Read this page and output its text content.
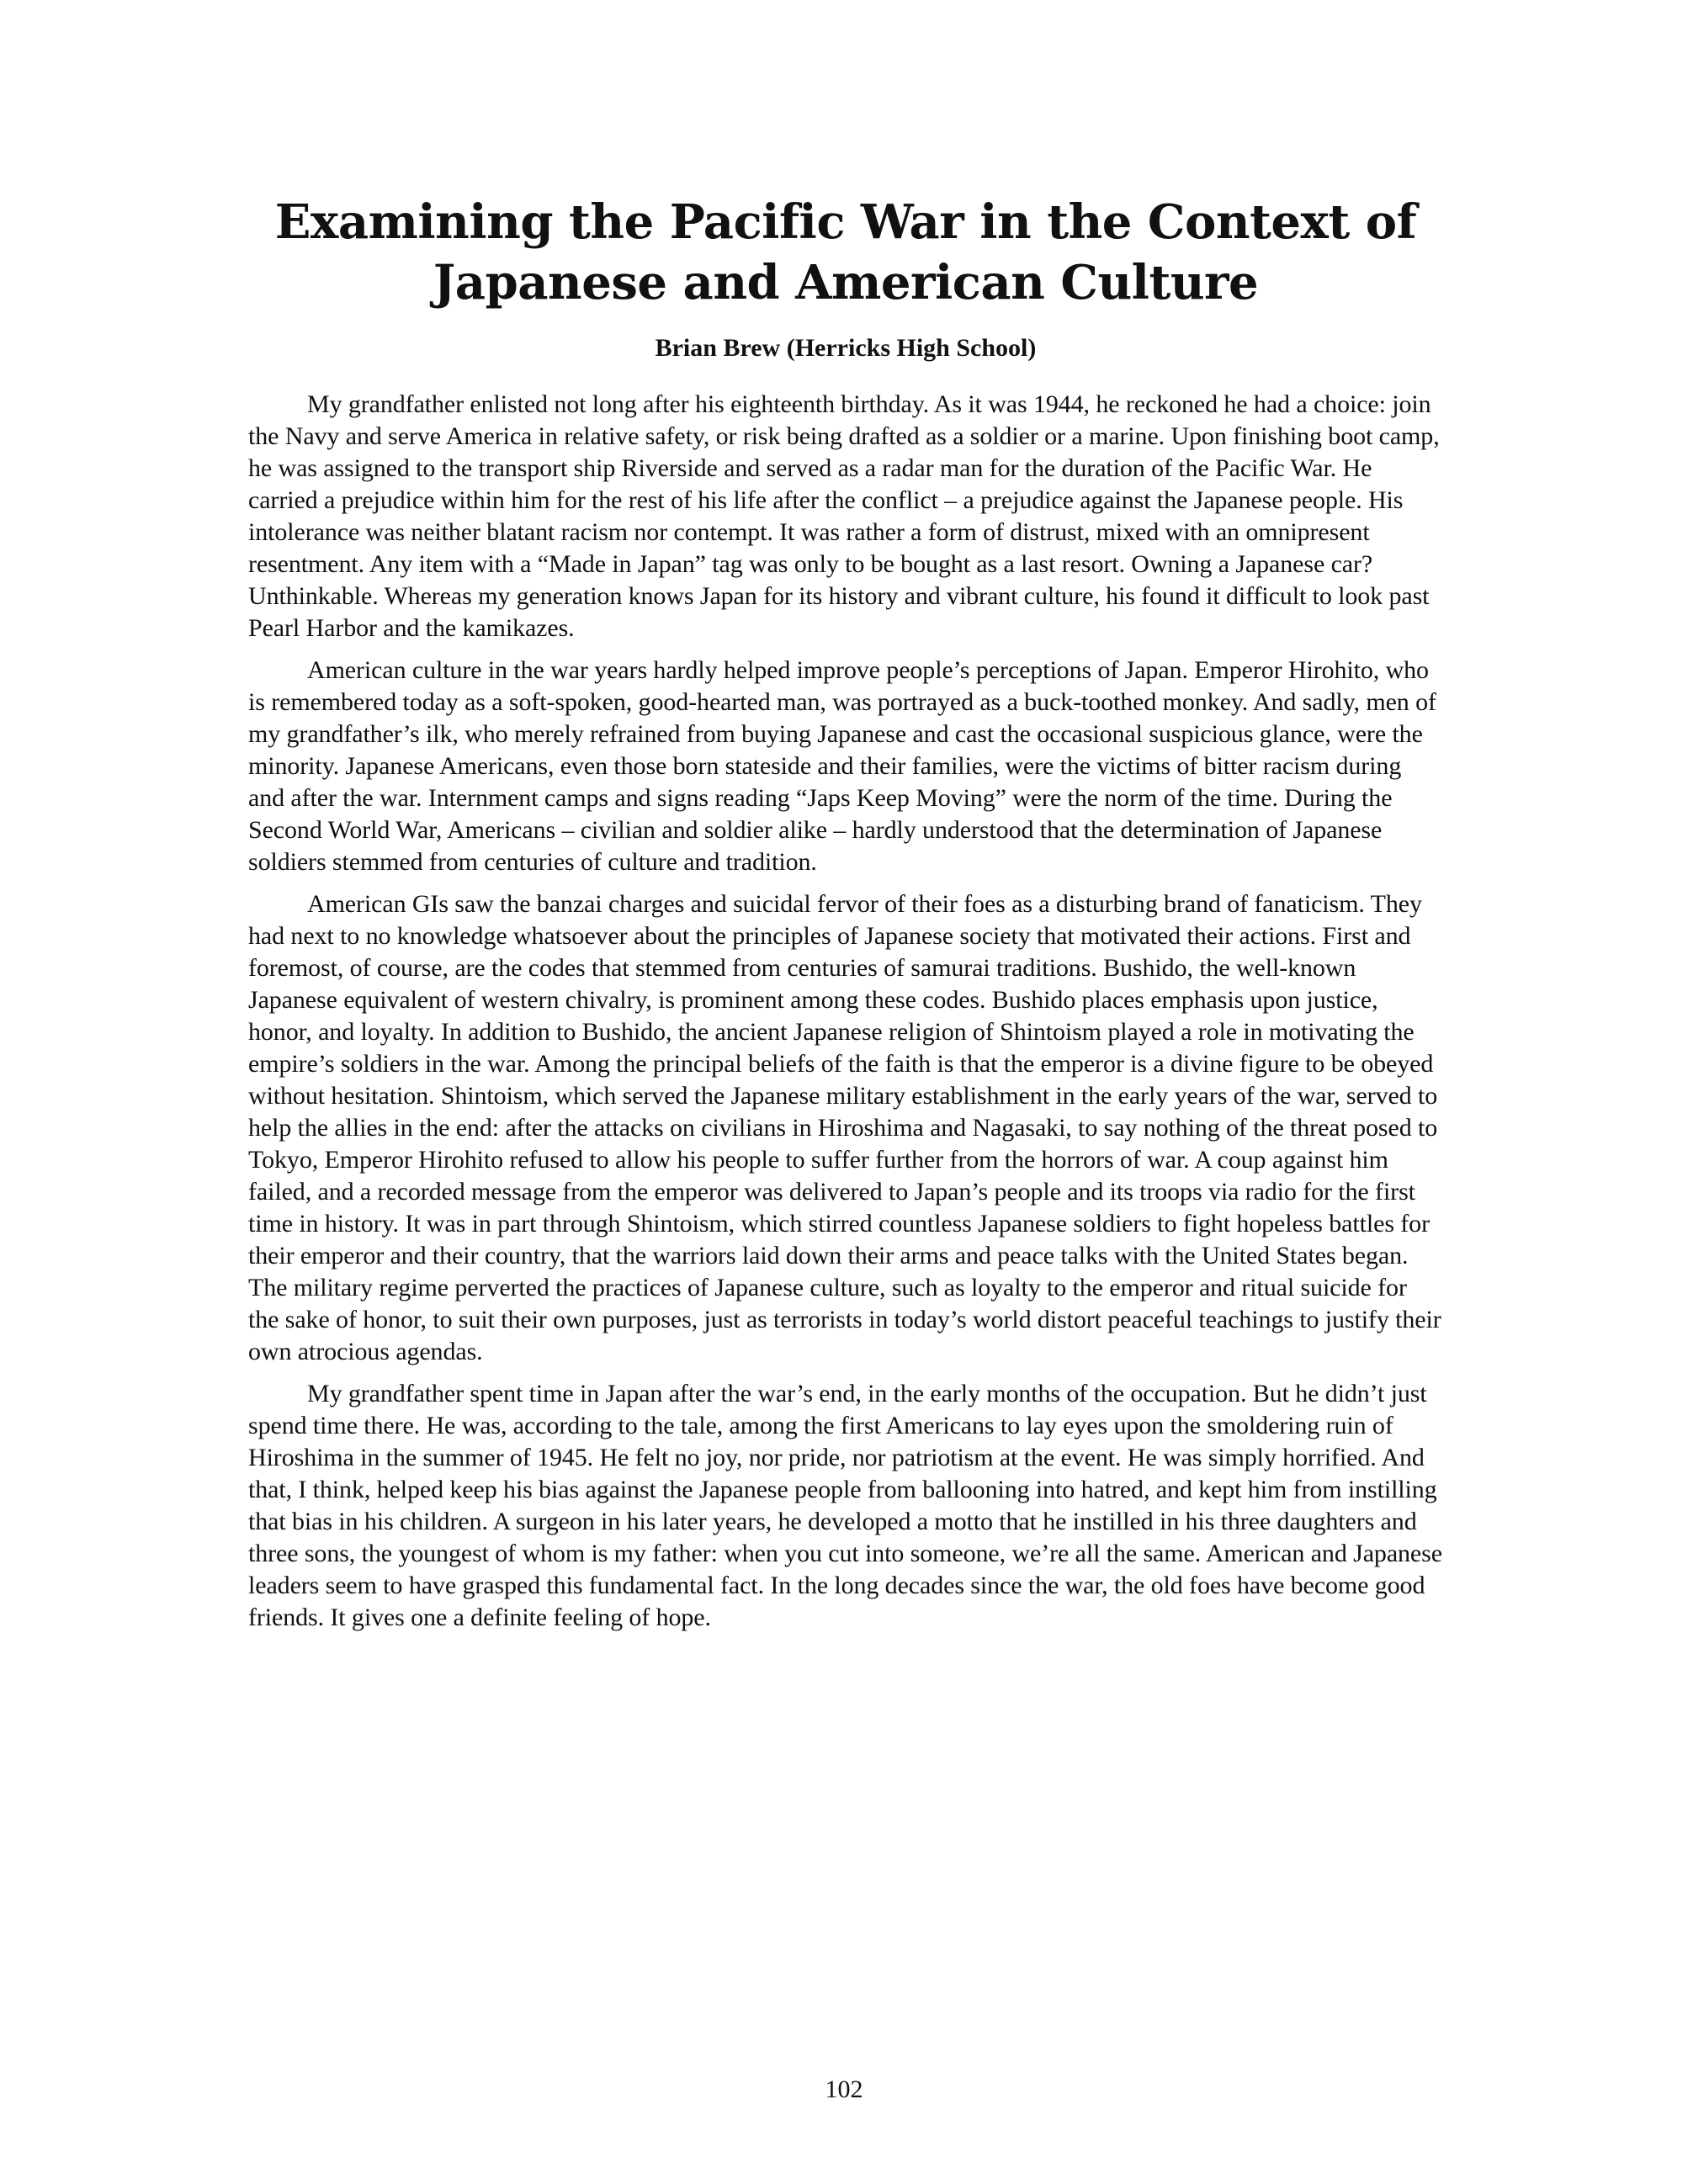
Examining the Pacific War in the Context of Japanese and American Culture
Brian Brew (Herricks High School)

My grandfather enlisted not long after his eighteenth birthday. As it was 1944, he reckoned he had a choice: join the Navy and serve America in relative safety, or risk being drafted as a soldier or a marine. Upon finishing boot camp, he was assigned to the transport ship Riverside and served as a radar man for the duration of the Pacific War. He carried a prejudice within him for the rest of his life after the conflict – a prejudice against the Japanese people. His intolerance was neither blatant racism nor contempt. It was rather a form of distrust, mixed with an omnipresent resentment. Any item with a “Made in Japan” tag was only to be bought as a last resort. Owning a Japanese car? Unthinkable. Whereas my generation knows Japan for its history and vibrant culture, his found it difficult to look past Pearl Harbor and the kamikazes.

American culture in the war years hardly helped improve people’s perceptions of Japan. Emperor Hirohito, who is remembered today as a soft-spoken, good-hearted man, was portrayed as a buck-toothed monkey. And sadly, men of my grandfather’s ilk, who merely refrained from buying Japanese and cast the occasional suspicious glance, were the minority. Japanese Americans, even those born stateside and their families, were the victims of bitter racism during and after the war. Internment camps and signs reading “Japs Keep Moving” were the norm of the time. During the Second World War, Americans – civilian and soldier alike – hardly understood that the determination of Japanese soldiers stemmed from centuries of culture and tradition.

American GIs saw the banzai charges and suicidal fervor of their foes as a disturbing brand of fanaticism. They had next to no knowledge whatsoever about the principles of Japanese society that motivated their actions. First and foremost, of course, are the codes that stemmed from centuries of samurai traditions. Bushido, the well-known Japanese equivalent of western chivalry, is prominent among these codes. Bushido places emphasis upon justice, honor, and loyalty. In addition to Bushido, the ancient Japanese religion of Shintoism played a role in motivating the empire’s soldiers in the war. Among the principal beliefs of the faith is that the emperor is a divine figure to be obeyed without hesitation. Shintoism, which served the Japanese military establishment in the early years of the war, served to help the allies in the end: after the attacks on civilians in Hiroshima and Nagasaki, to say nothing of the threat posed to Tokyo, Emperor Hirohito refused to allow his people to suffer further from the horrors of war. A coup against him failed, and a recorded message from the emperor was delivered to Japan’s people and its troops via radio for the first time in history. It was in part through Shintoism, which stirred countless Japanese soldiers to fight hopeless battles for their emperor and their country, that the warriors laid down their arms and peace talks with the United States began. The military regime perverted the practices of Japanese culture, such as loyalty to the emperor and ritual suicide for the sake of honor, to suit their own purposes, just as terrorists in today’s world distort peaceful teachings to justify their own atrocious agendas.

My grandfather spent time in Japan after the war’s end, in the early months of the occupation. But he didn’t just spend time there. He was, according to the tale, among the first Americans to lay eyes upon the smoldering ruin of Hiroshima in the summer of 1945. He felt no joy, nor pride, nor patriotism at the event. He was simply horrified. And that, I think, helped keep his bias against the Japanese people from ballooning into hatred, and kept him from instilling that bias in his children. A surgeon in his later years, he developed a motto that he instilled in his three daughters and three sons, the youngest of whom is my father: when you cut into someone, we’re all the same. American and Japanese leaders seem to have grasped this fundamental fact. In the long decades since the war, the old foes have become good friends. It gives one a definite feeling of hope.

102
